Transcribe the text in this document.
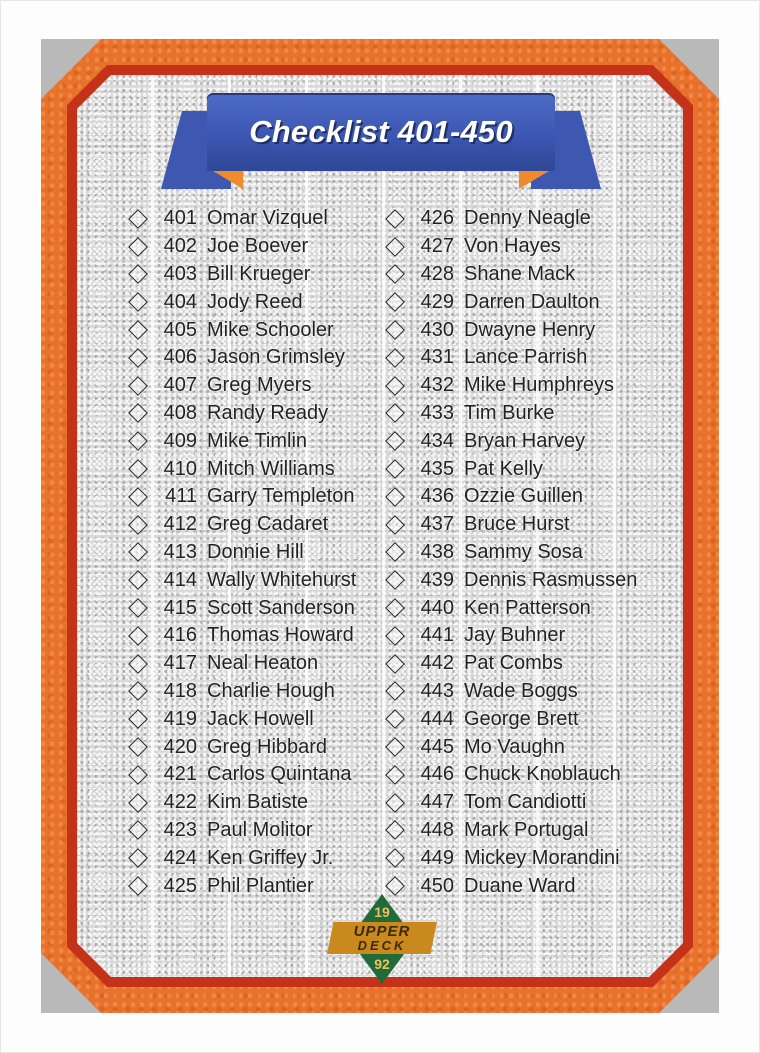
Checklist 401-450
401 Omar Vizquel
402 Joe Boever
403 Bill Krueger
404 Jody Reed
405 Mike Schooler
406 Jason Grimsley
407 Greg Myers
408 Randy Ready
409 Mike Timlin
410 Mitch Williams
411 Garry Templeton
412 Greg Cadaret
413 Donnie Hill
414 Wally Whitehurst
415 Scott Sanderson
416 Thomas Howard
417 Neal Heaton
418 Charlie Hough
419 Jack Howell
420 Greg Hibbard
421 Carlos Quintana
422 Kim Batiste
423 Paul Molitor
424 Ken Griffey Jr.
425 Phil Plantier
426 Denny Neagle
427 Von Hayes
428 Shane Mack
429 Darren Daulton
430 Dwayne Henry
431 Lance Parrish
432 Mike Humphreys
433 Tim Burke
434 Bryan Harvey
435 Pat Kelly
436 Ozzie Guillen
437 Bruce Hurst
438 Sammy Sosa
439 Dennis Rasmussen
440 Ken Patterson
441 Jay Buhner
442 Pat Combs
443 Wade Boggs
444 George Brett
445 Mo Vaughn
446 Chuck Knoblauch
447 Tom Candiotti
448 Mark Portugal
449 Mickey Morandini
450 Duane Ward
19
UPPER
DECK
92
